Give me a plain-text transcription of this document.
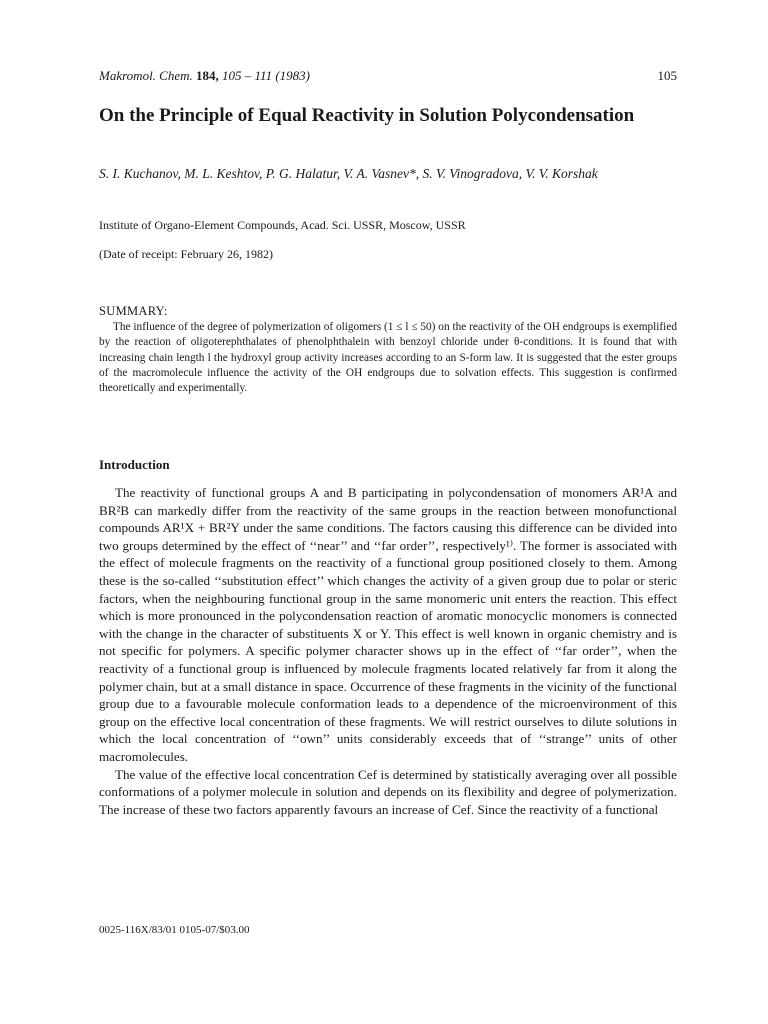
Makromol. Chem. 184, 105 – 111 (1983)	105
On the Principle of Equal Reactivity in Solution Polycondensation

S. I. Kuchanov, M. L. Keshtov, P. G. Halatur, V. A. Vasnev*, S. V. Vinogradova, V. V. Korshak

Institute of Organo-Element Compounds, Acad. Sci. USSR, Moscow, USSR

(Date of receipt: February 26, 1982)

SUMMARY:

The influence of the degree of polymerization of oligomers (1 ≤ l ≤ 50) on the reactivity of the OH endgroups is exemplified by the reaction of oligoterephthalates of phenolphthalein with benzoyl chloride under θ-conditions. It is found that with increasing chain length l the hydroxyl group activity increases according to an S-form law. It is suggested that the ester groups of the macromolecule influence the activity of the OH endgroups due to solvation effects. This suggestion is confirmed theoretically and experimentally.

Introduction

The reactivity of functional groups A and B participating in polycondensation of monomers AR¹A and BR²B can markedly differ from the reactivity of the same groups in the reaction between monofunctional compounds AR¹X + BR²Y under the same conditions. The factors causing this difference can be divided into two groups determined by the effect of ‘‘near’’ and ‘‘far order’’, respectively¹⁾. The former is associated with the effect of molecule fragments on the reactivity of a functional group positioned closely to them. Among these is the so-called ‘‘substitution effect’’ which changes the activity of a given group due to polar or steric factors, when the neighbouring functional group in the same monomeric unit enters the reaction. This effect which is more pronounced in the polycondensation reaction of aromatic monocyclic monomers is connected with the change in the character of substituents X or Y. This effect is well known in organic chemistry and is not specific for polymers. A specific polymer character shows up in the effect of ‘‘far order’’, when the reactivity of a functional group is influenced by molecule fragments located relatively far from it along the polymer chain, but at a small distance in space. Occurrence of these fragments in the vicinity of the functional group due to a favourable molecule conformation leads to a dependence of the microenvironment of this group on the effective local concentration of these fragments. We will restrict ourselves to dilute solutions in which the local concentration of ‘‘own’’ units considerably exceeds that of ‘‘strange’’ units of other macromolecules.

The value of the effective local concentration Cef is determined by statistically averaging over all possible conformations of a polymer molecule in solution and depends on its flexibility and degree of polymerization. The increase of these two factors apparently favours an increase of Cef. Since the reactivity of a functional

0025-116X/83/01 0105-07/$03.00
